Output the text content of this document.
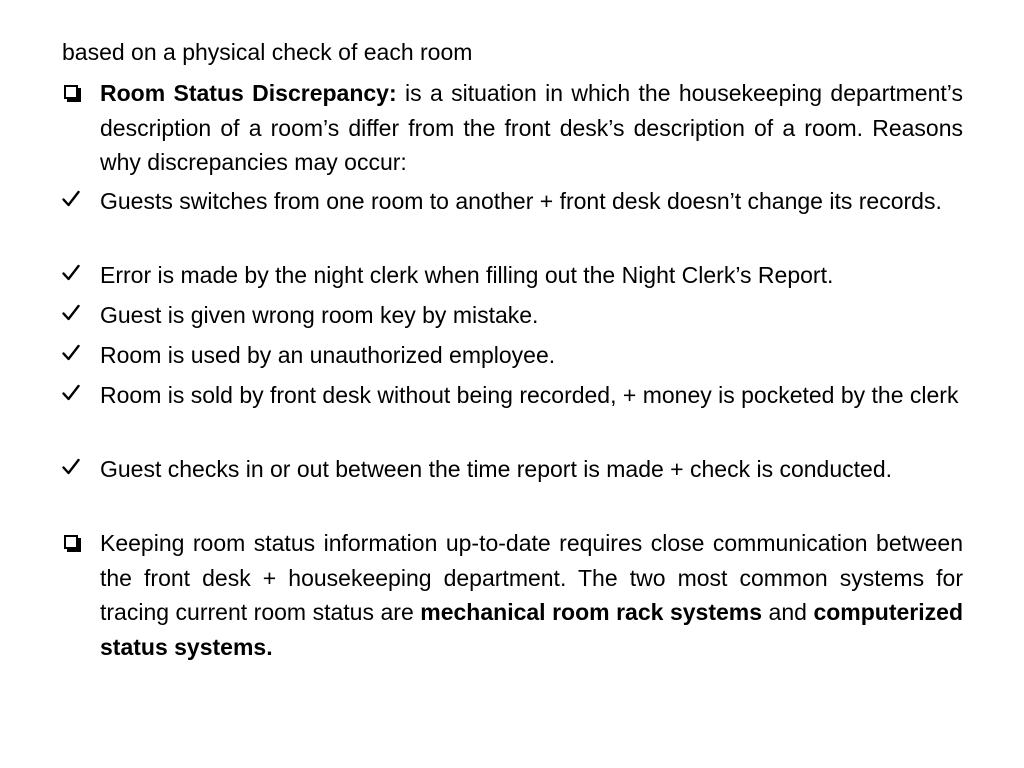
based on a physical check of each room
Room Status Discrepancy: is a situation in which the housekeeping department’s description of a room’s differ from the front desk’s description of a room. Reasons why discrepancies may occur:
Guests switches from one room to another + front desk doesn’t change its records.
Error is made by the night clerk when filling out the Night Clerk’s Report.
Guest is given wrong room key by mistake.
Room is used by an unauthorized employee.
Room is sold by front desk without being recorded, + money is pocketed by the clerk
Guest checks in or out between the time report is made + check is conducted.
Keeping room status information up-to-date requires close communication between the front desk + housekeeping department. The two most common systems for tracing current room status are mechanical room rack systems and computerized status systems.
